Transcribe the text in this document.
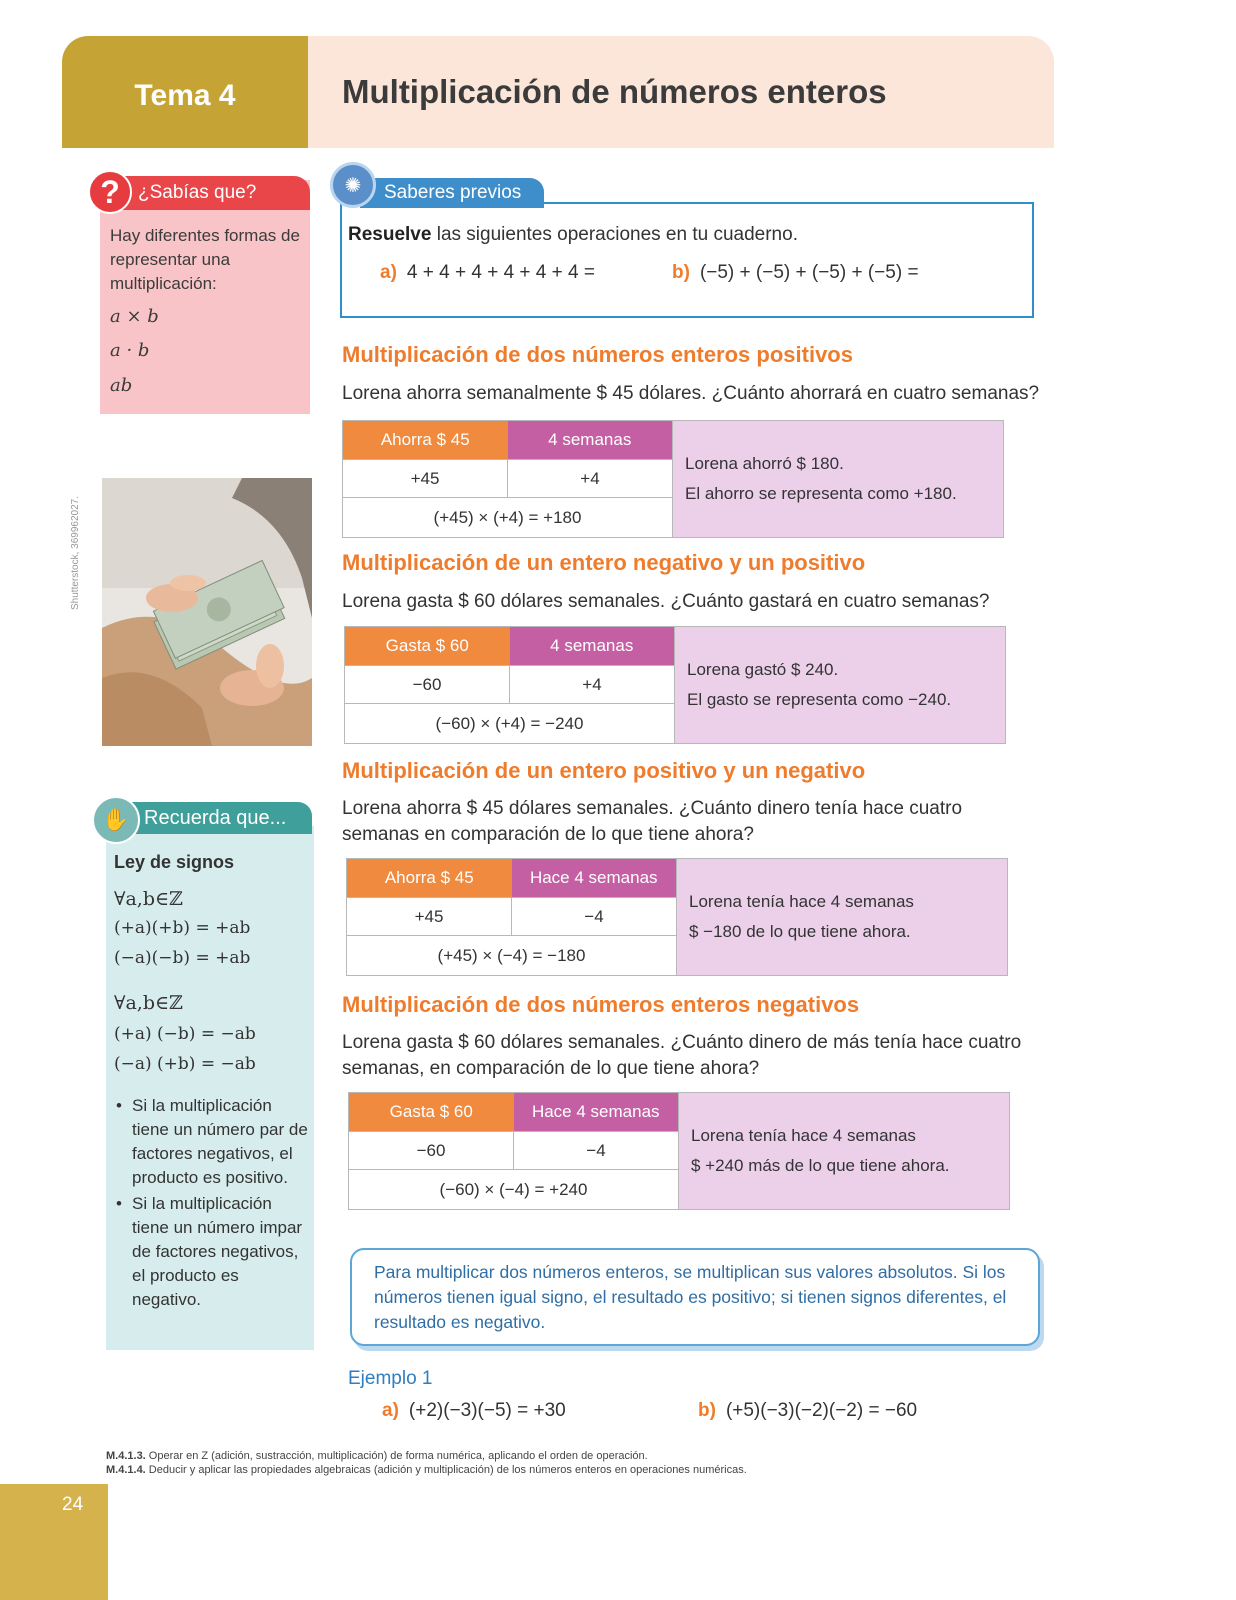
Tema 4	Multiplicación de números enteros
¿Sabías que?
?
Hay diferentes formas de representar una multiplicación:
a × b
a · b
ab
Shutterstock, 369962027.
Recuerda que...
✋
Ley de signos
∀a,b∈ℤ
(+a)(+b) = +ab
(−a)(−b) = +ab
∀a,b∈ℤ
(+a) (−b) = −ab
(−a) (+b) = −ab
• Si la multiplicación tiene un número par de factores negativos, el producto es positivo.
• Si la multiplicación tiene un número impar de factores negativos, el producto es negativo.
Resuelve las siguientes operaciones en tu cuaderno.
a) 4 + 4 + 4 + 4 + 4 + 4 =	b) (−5) + (−5) + (−5) + (−5) =
Saberes previos
✺
Multiplicación de dos números enteros positivos
Lorena ahorra semanalmente $ 45 dólares. ¿Cuánto ahorrará en cuatro semanas?
Ahorra $ 45	4 semanas
+45	+4
(+45) × (+4) = +180
Lorena ahorró $ 180.
El ahorro se representa como +180.
Multiplicación de un entero negativo y un positivo
Lorena gasta $ 60 dólares semanales. ¿Cuánto gastará en cuatro semanas?
Gasta $ 60	4 semanas
−60	+4
(−60) × (+4) = −240
Lorena gastó $ 240.
El gasto se representa como −240.
Multiplicación de un entero positivo y un negativo
Lorena ahorra $ 45 dólares semanales. ¿Cuánto dinero tenía hace cuatro semanas en comparación de lo que tiene ahora?
Ahorra $ 45	Hace 4 semanas
+45	−4
(+45) × (−4) = −180
Lorena tenía hace 4 semanas
$ −180 de lo que tiene ahora.
Multiplicación de dos números enteros negativos
Lorena gasta $ 60 dólares semanales. ¿Cuánto dinero de más tenía hace cuatro semanas, en comparación de lo que tiene ahora?
Gasta $ 60	Hace 4 semanas
−60	−4
(−60) × (−4) = +240
Lorena tenía hace 4 semanas
$ +240 más de lo que tiene ahora.
Para multiplicar dos números enteros, se multiplican sus valores absolutos. Si los números tienen igual signo, el resultado es positivo; si tienen signos diferentes, el resultado es negativo.
Ejemplo 1
a) (+2)(−3)(−5) = +30	b) (+5)(−3)(−2)(−2) = −60
M.4.1.3. Operar en Z (adición, sustracción, multiplicación) de forma numérica, aplicando el orden de operación.
M.4.1.4. Deducir y aplicar las propiedades algebraicas (adición y multiplicación) de los números enteros en operaciones numéricas.
24
